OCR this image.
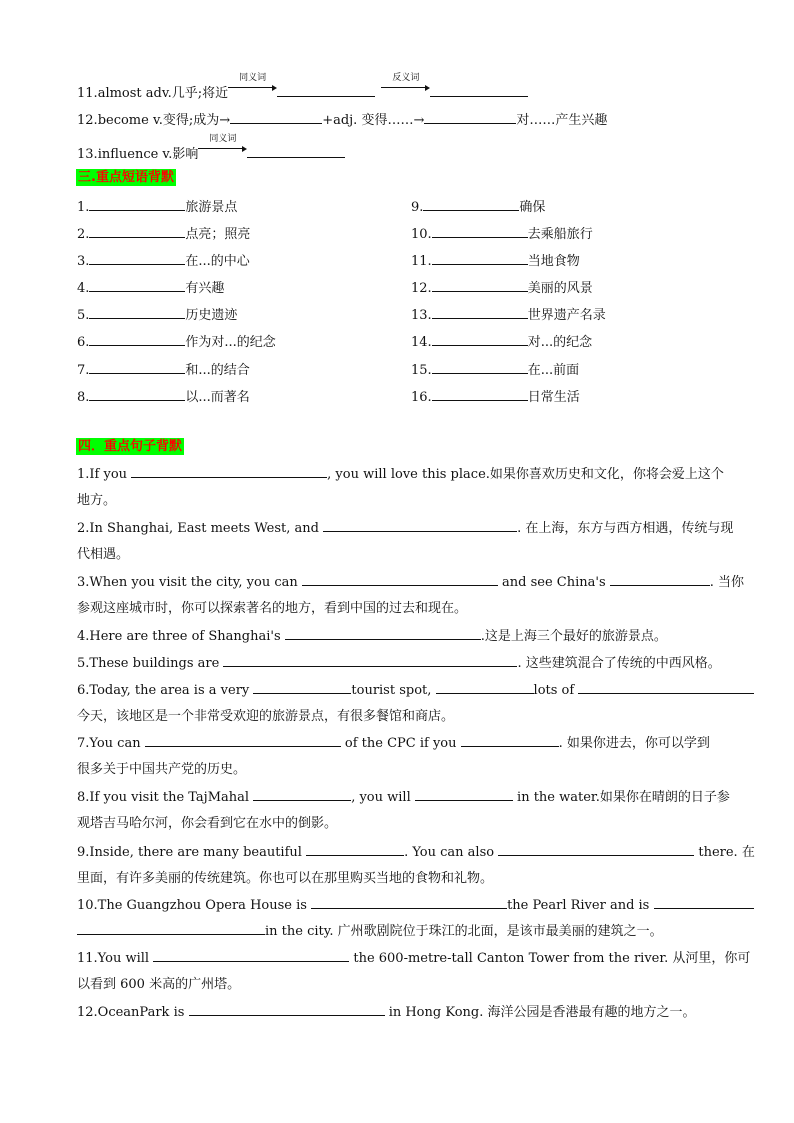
11.almost adv.几乎;将近
同义词
	反义词
12.become v.变得;成为→	+adj. 变得……→	对……产生兴趣
13.influence v.影响
同义词
三.重点短语背默
1.	旅游景点
2.	点亮；照亮
3.	在...的中心
4.	有兴趣
5.	历史遗迹
6.	作为对...的纪念
7.	和...的结合
8.	以...而著名
9.	确保
10.	去乘船旅行
11.	当地食物
12.	美丽的风景
13.	世界遗产名录
14.	对...的纪念
15.	在...前面
16.	日常生活
四．重点句子背默
1.If you	, you will love this place.如果你喜欢历史和文化，你将会爱上这个
地方。
2.In Shanghai, East meets West, and	. 在上海，东方与西方相遇，传统与现
代相遇。
3.When you visit the city, you can	and see China's	. 当你
参观这座城市时，你可以探索著名的地方，看到中国的过去和现在。
4.Here are three of Shanghai's	.这是上海三个最好的旅游景点。
5.These buildings are	. 这些建筑混合了传统的中西风格。
6.Today, the area is a very	tourist spot,	lots of
今天，该地区是一个非常受欢迎的旅游景点，有很多餐馆和商店。
7.You can	of the CPC if you	. 如果你进去，你可以学到
很多关于中国共产党的历史。
8.If you visit the TajMahal	, you will	in the water.如果你在晴朗的日子参
观塔吉马哈尔河，你会看到它在水中的倒影。
9.Inside, there are many beautiful	. You can also	there. 在
里面，有许多美丽的传统建筑。你也可以在那里购买当地的食物和礼物。
10.The Guangzhou Opera House is	the Pearl River and is
in the city. 广州歌剧院位于珠江的北面，是该市最美丽的建筑之一。
11.You will	the 600-metre-tall Canton Tower from the river. 从河里，你可
以看到 600 米高的广州塔。
12.OceanPark is	in Hong Kong. 海洋公园是香港最有趣的地方之一。
